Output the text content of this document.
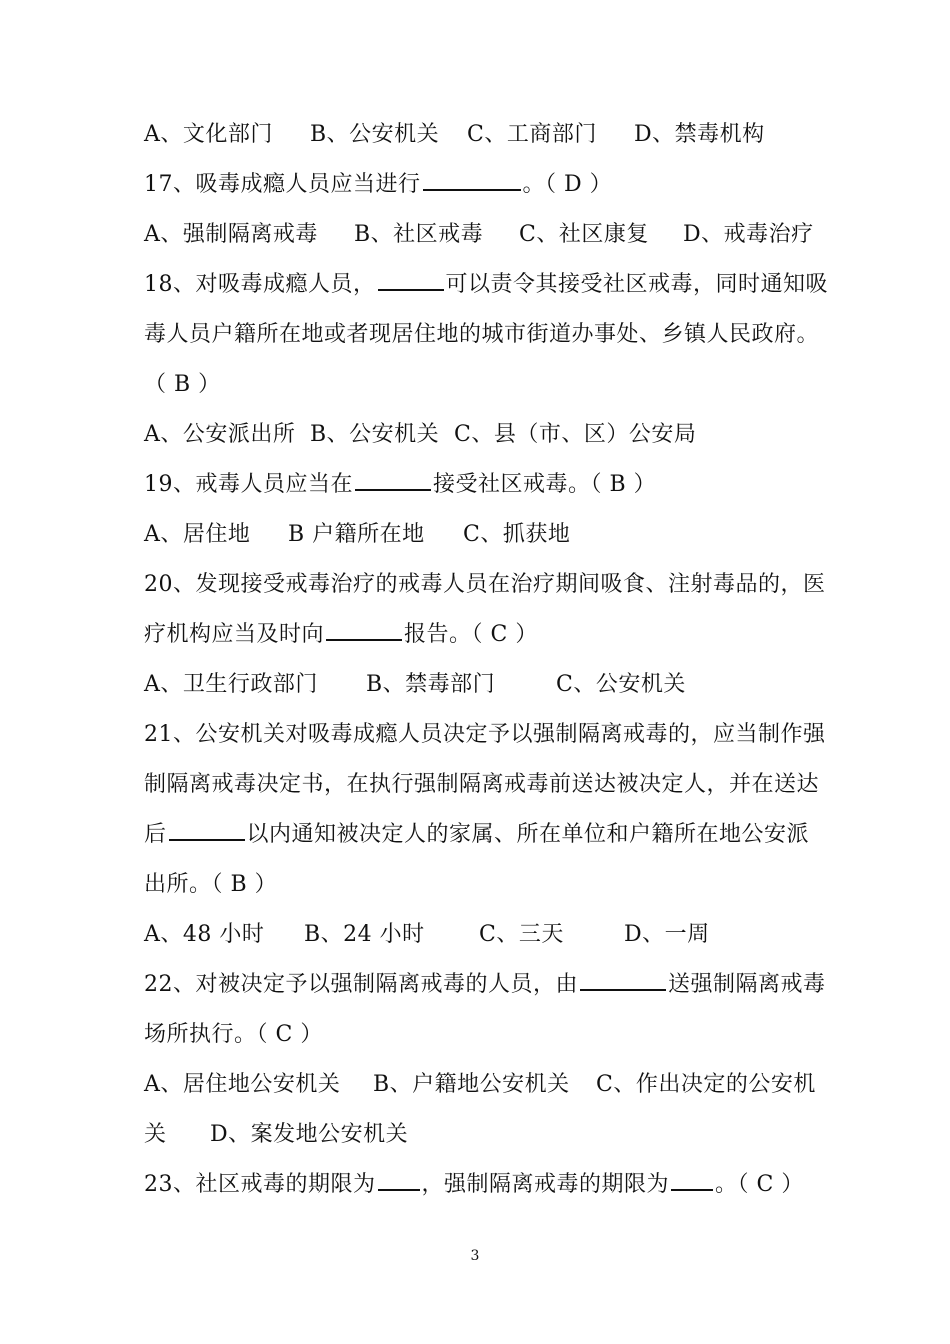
A、文化部门 B、公安机关 C、工商部门 D、禁毒机构
17、吸毒成瘾人员应当进行	。（ D ）
A、强制隔离戒毒 B、社区戒毒 C、社区康复 D、戒毒治疗
18、对吸毒成瘾人员，	可以责令其接受社区戒毒，同时通知吸
毒人员户籍所在地或者现居住地的城市街道办事处、乡镇人民政府。
（ B ）
A、公安派出所 B、公安机关 C、县（市、区）公安局
19、戒毒人员应当在	接受社区戒毒。（ B ）
A、居住地 B 户籍所在地 C、抓获地
20、发现接受戒毒治疗的戒毒人员在治疗期间吸食、注射毒品的，医
疗机构应当及时向	报告。（ C ）
A、卫生行政部门 B、禁毒部门	C、公安机关
21、公安机关对吸毒成瘾人员决定予以强制隔离戒毒的，应当制作强
制隔离戒毒决定书，在执行强制隔离戒毒前送达被决定人，并在送达
后	以内通知被决定人的家属、所在单位和户籍所在地公安派
出所。（ B ）
A、48 小时 B、24 小时 C、三天	D、一周
22、对被决定予以强制隔离戒毒的人员，由	送强制隔离戒毒
场所执行。（ C ）
A、居住地公安机关 B、户籍地公安机关 C、作出决定的公安机
关 D、案发地公安机关
23、社区戒毒的期限为 ，强制隔离戒毒的期限为 。（ C ）
3
